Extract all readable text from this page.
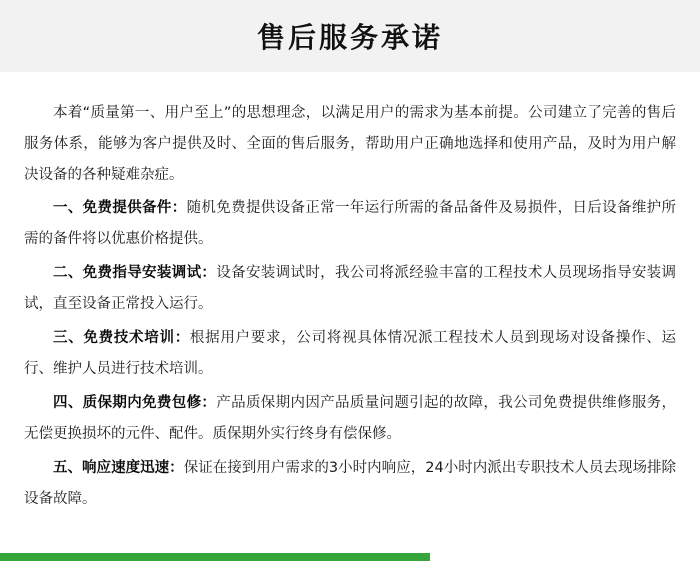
售后服务承诺

本着“质量第一、用户至上”的思想理念，以满足用户的需求为基本前提。公司建立了完善的售后服务体系，能够为客户提供及时、全面的售后服务，帮助用户正确地选择和使用产品，及时为用户解决设备的各种疑难杂症。

一、免费提供备件：随机免费提供设备正常一年运行所需的备品备件及易损件，日后设备维护所需的备件将以优惠价格提供。

二、免费指导安装调试：设备安装调试时，我公司将派经验丰富的工程技术人员现场指导安装调试，直至设备正常投入运行。

三、免费技术培训：根据用户要求，公司将视具体情况派工程技术人员到现场对设备操作、运行、维护人员进行技术培训。

四、质保期内免费包修：产品质保期内因产品质量问题引起的故障，我公司免费提供维修服务，无偿更换损坏的元件、配件。质保期外实行终身有偿保修。

五、响应速度迅速：保证在接到用户需求的3小时内响应，24小时内派出专职技术人员去现场排除设备故障。
